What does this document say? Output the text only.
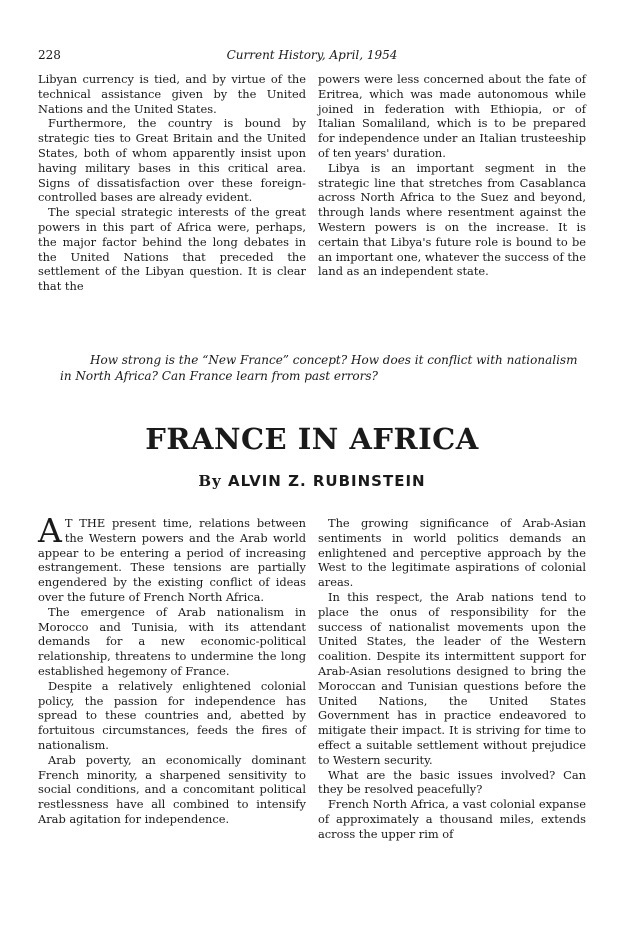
228	Current History, April, 1954

Libyan currency is tied, and by virtue of the technical assistance given by the United Nations and the United States.

Furthermore, the country is bound by strategic ties to Great Britain and the United States, both of whom apparently insist upon having military bases in this critical area. Signs of dissatisfaction over these foreign-controlled bases are already evident.

The special strategic interests of the great powers in this part of Africa were, perhaps, the major factor behind the long debates in the United Nations that preceded the settlement of the Libyan question. It is clear that the

powers were less concerned about the fate of Eritrea, which was made autonomous while joined in federation with Ethiopia, or of Italian Somaliland, which is to be prepared for independence under an Italian trusteeship of ten years' duration.

Libya is an important segment in the strategic line that stretches from Casablanca across North Africa to the Suez and beyond, through lands where resentment against the Western powers is on the increase. It is certain that Libya's future role is bound to be an important one, whatever the success of the land as an independent state.

How strong is the “New France” concept? How does it conflict with nationalism in North Africa? Can France learn from past errors?

FRANCE IN AFRICA
By ALVIN Z. RUBINSTEIN

A T THE present time, relations between the Western powers and the Arab world appear to be entering a period of increasing estrangement. These tensions are partially engendered by the existing conflict of ideas over the future of French North Africa.

The emergence of Arab nationalism in Morocco and Tunisia, with its attendant demands for a new economic-political relationship, threatens to undermine the long established hegemony of France.

Despite a relatively enlightened colonial policy, the passion for independence has spread to these countries and, abetted by fortuitous circumstances, feeds the fires of nationalism.

Arab poverty, an economically dominant French minority, a sharpened sensitivity to social conditions, and a concomitant political restlessness have all combined to intensify Arab agitation for independence.

The growing significance of Arab-Asian sentiments in world politics demands an enlightened and perceptive approach by the West to the legitimate aspirations of colonial areas.

In this respect, the Arab nations tend to place the onus of responsibility for the success of nationalist movements upon the United States, the leader of the Western coalition. Despite its intermittent support for Arab-Asian resolutions designed to bring the Moroccan and Tunisian questions before the United Nations, the United States Government has in practice endeavored to mitigate their impact. It is striving for time to effect a suitable settlement without prejudice to Western security.

What are the basic issues involved? Can they be resolved peacefully?

French North Africa, a vast colonial expanse of approximately a thousand miles, extends across the upper rim of
